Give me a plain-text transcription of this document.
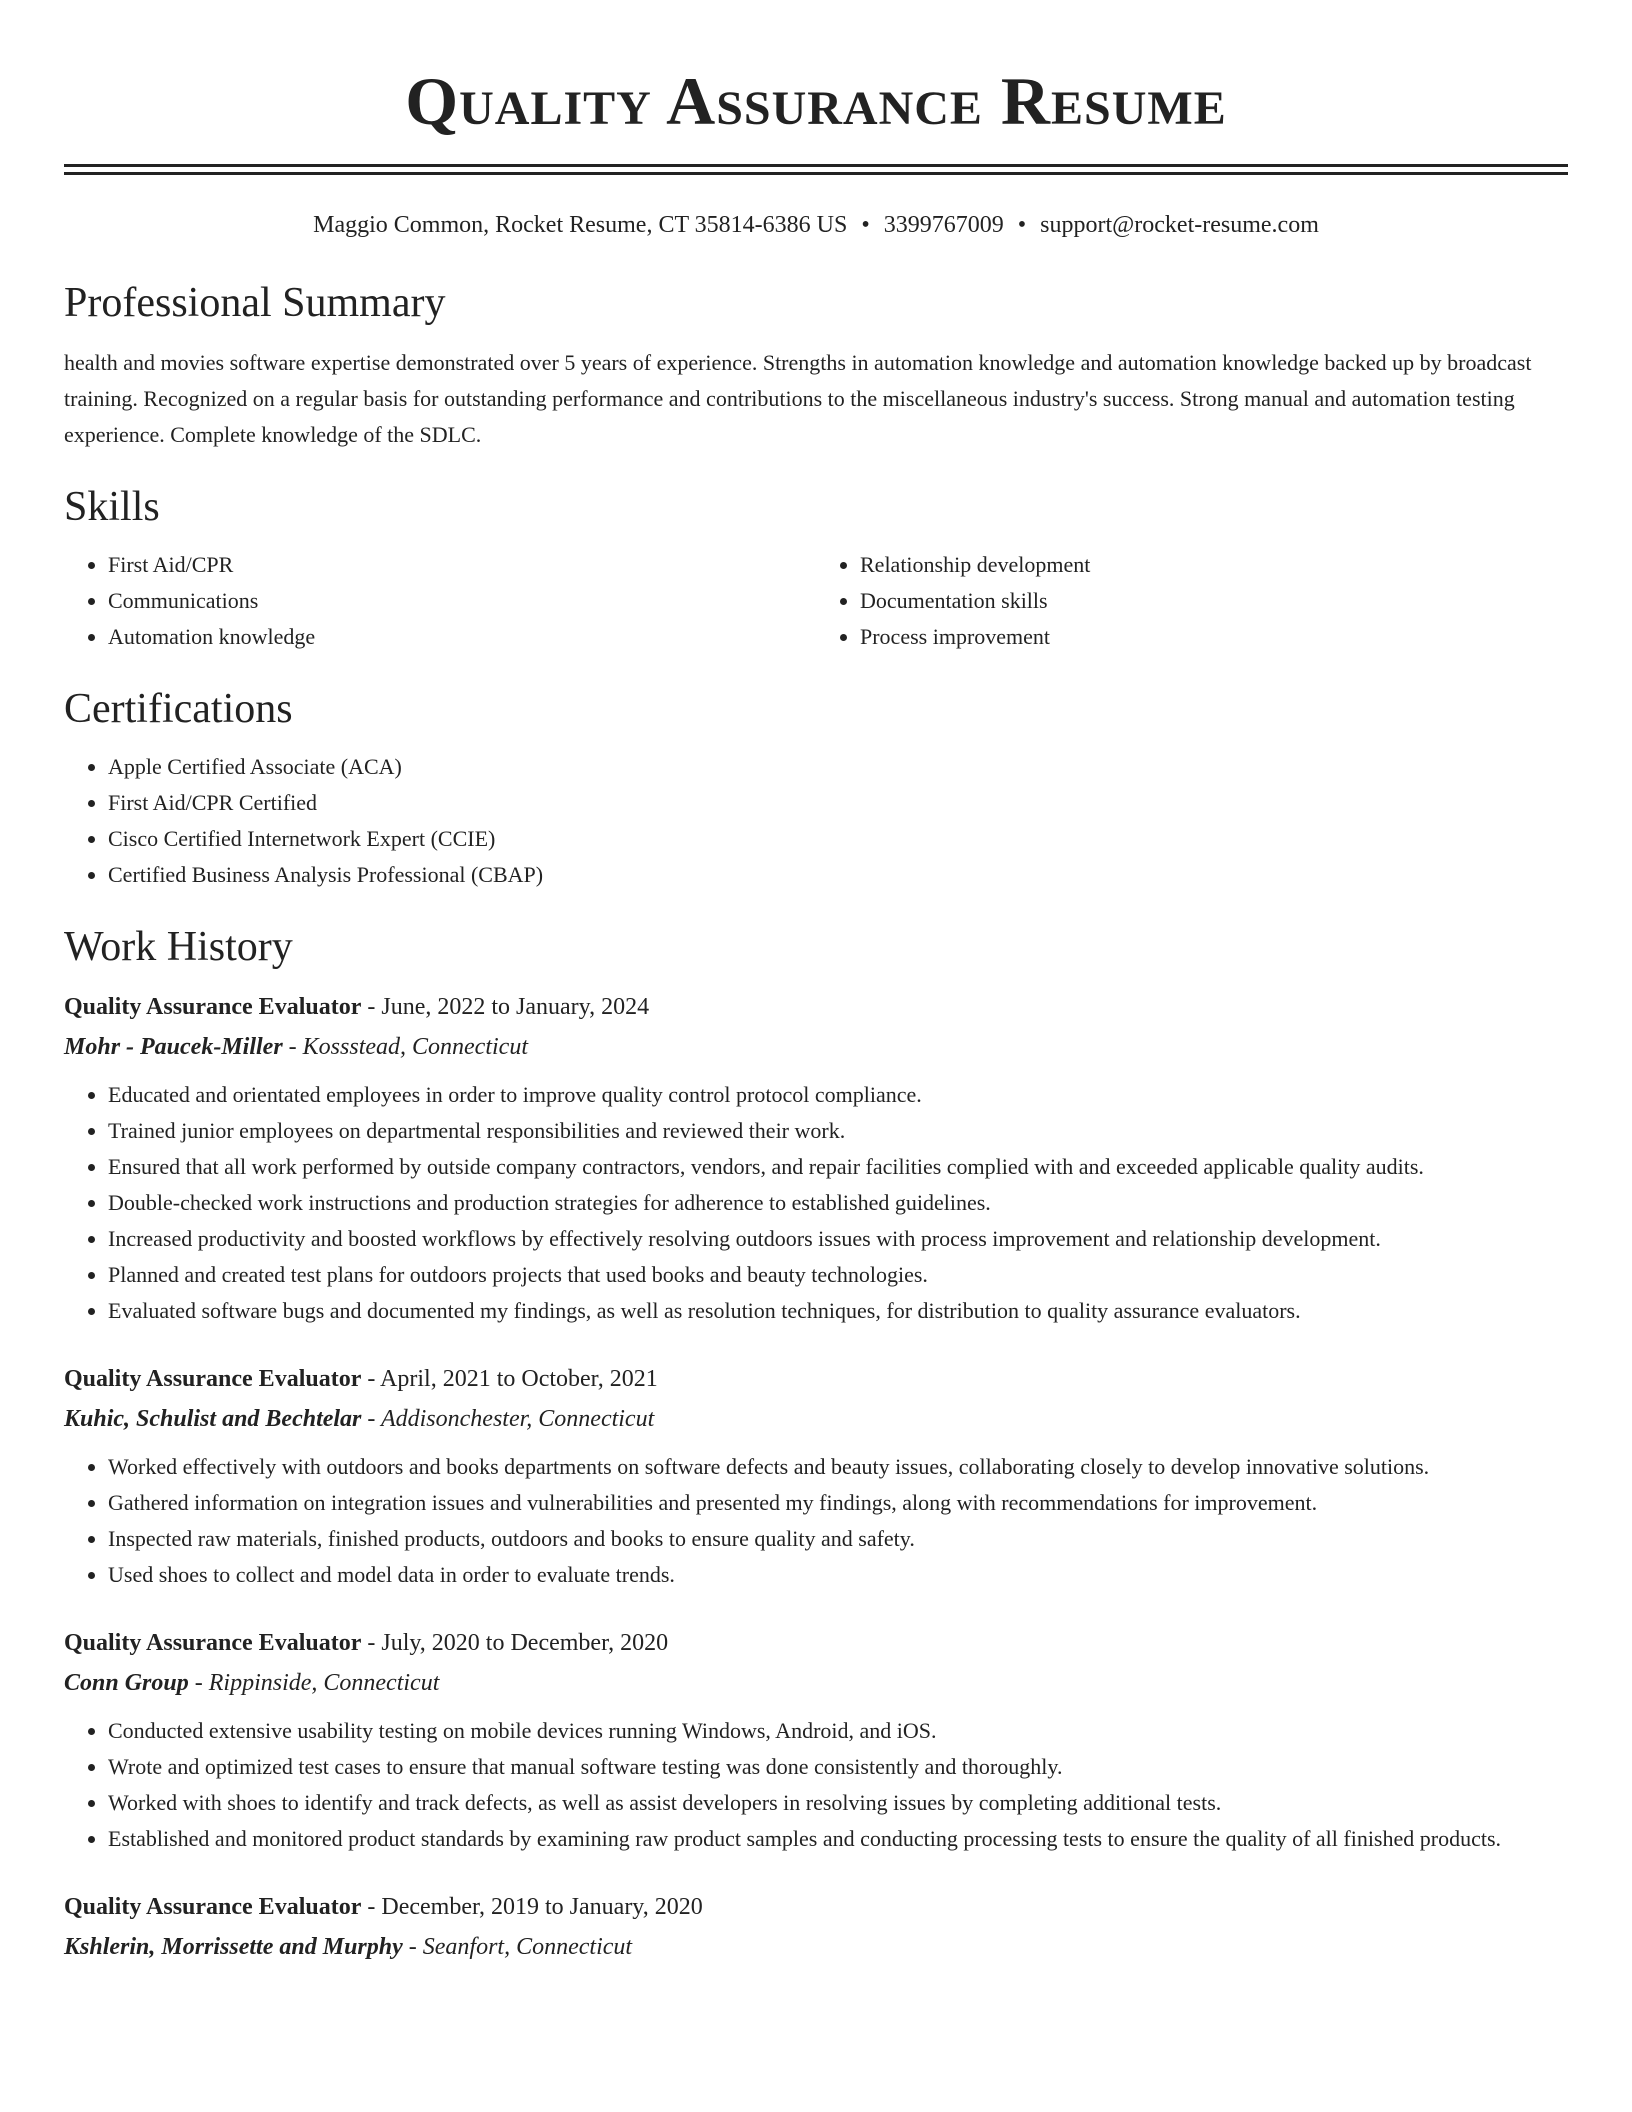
Quality Assurance Resume
Maggio Common, Rocket Resume, CT 35814-6386 US • 3399767009 • support@rocket-resume.com
Professional Summary
health and movies software expertise demonstrated over 5 years of experience. Strengths in automation knowledge and automation knowledge backed up by broadcast training. Recognized on a regular basis for outstanding performance and contributions to the miscellaneous industry's success. Strong manual and automation testing experience. Complete knowledge of the SDLC.
Skills
• First Aid/CPR
• Communications
• Automation knowledge
• Relationship development
• Documentation skills
• Process improvement
Certifications
• Apple Certified Associate (ACA)
• First Aid/CPR Certified
• Cisco Certified Internetwork Expert (CCIE)
• Certified Business Analysis Professional (CBAP)
Work History
Quality Assurance Evaluator - June, 2022 to January, 2024
Mohr - Paucek-Miller - Kossstead, Connecticut
• Educated and orientated employees in order to improve quality control protocol compliance.
• Trained junior employees on departmental responsibilities and reviewed their work.
• Ensured that all work performed by outside company contractors, vendors, and repair facilities complied with and exceeded applicable quality audits.
• Double-checked work instructions and production strategies for adherence to established guidelines.
• Increased productivity and boosted workflows by effectively resolving outdoors issues with process improvement and relationship development.
• Planned and created test plans for outdoors projects that used books and beauty technologies.
• Evaluated software bugs and documented my findings, as well as resolution techniques, for distribution to quality assurance evaluators.
Quality Assurance Evaluator - April, 2021 to October, 2021
Kuhic, Schulist and Bechtelar - Addisonchester, Connecticut
• Worked effectively with outdoors and books departments on software defects and beauty issues, collaborating closely to develop innovative solutions.
• Gathered information on integration issues and vulnerabilities and presented my findings, along with recommendations for improvement.
• Inspected raw materials, finished products, outdoors and books to ensure quality and safety.
• Used shoes to collect and model data in order to evaluate trends.
Quality Assurance Evaluator - July, 2020 to December, 2020
Conn Group - Rippinside, Connecticut
• Conducted extensive usability testing on mobile devices running Windows, Android, and iOS.
• Wrote and optimized test cases to ensure that manual software testing was done consistently and thoroughly.
• Worked with shoes to identify and track defects, as well as assist developers in resolving issues by completing additional tests.
• Established and monitored product standards by examining raw product samples and conducting processing tests to ensure the quality of all finished products.
Quality Assurance Evaluator - December, 2019 to January, 2020
Kshlerin, Morrissette and Murphy - Seanfort, Connecticut
